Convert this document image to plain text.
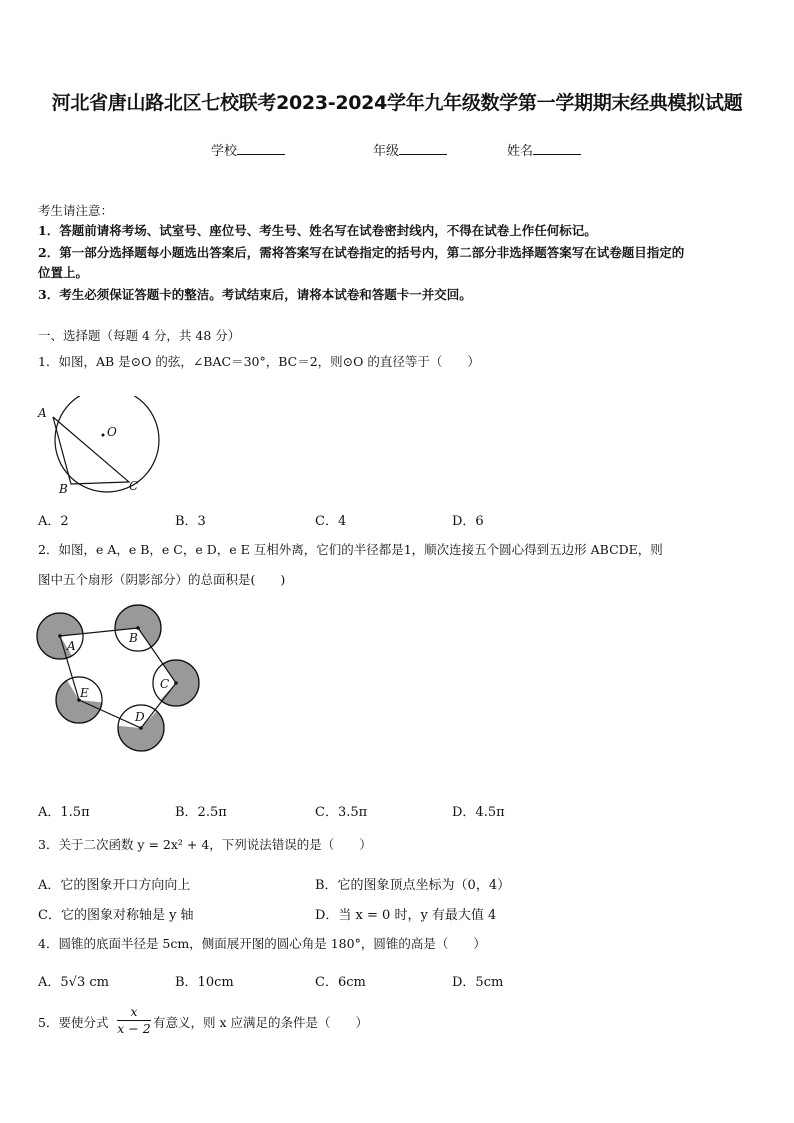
河北省唐山路北区七校联考2023-2024学年九年级数学第一学期期末经典模拟试题
学校	年级	姓名
考生请注意：
1．答题前请将考场、试室号、座位号、考生号、姓名写在试卷密封线内，不得在试卷上作任何标记。
2．第一部分选择题每小题选出答案后，需将答案写在试卷指定的括号内，第二部分非选择题答案写在试卷题目指定的
位置上。
3．考生必须保证答题卡的整洁。考试结束后，请将本试卷和答题卡一并交回。
一、选择题（每题 4 分，共 48 分）
1．如图，AB 是⊙O 的弦，∠BAC＝30°，BC＝2，则⊙O 的直径等于（　　）
A
B	C
O
A．2	B．3	C．4	D．6
2．如图，e A，e B，e C，e D，e E 互相外离，它们的半径都是1，顺次连接五个圆心得到五边形 ABCDE，则
图中五个扇形（阴影部分）的总面积是(　　)
A
B
C
D
E
A．1.5π	B．2.5π	C．3.5π	D．4.5π
3．关于二次函数 y = 2x² + 4，下列说法错误的是（　　）
A．它的图象开口方向向上	B．它的图象顶点坐标为（0，4）
C．它的图象对称轴是 y 轴	D．当 x = 0 时，y 有最大值 4
4．圆锥的底面半径是 5cm，侧面展开图的圆心角是 180°，圆锥的高是（　　）
A．5√3 cm	B．10cm	C．6cm	D．5cm
5．要使分式 $\frac{x}{x - 2}$ 有意义，则 x 应满足的条件是（　　）
